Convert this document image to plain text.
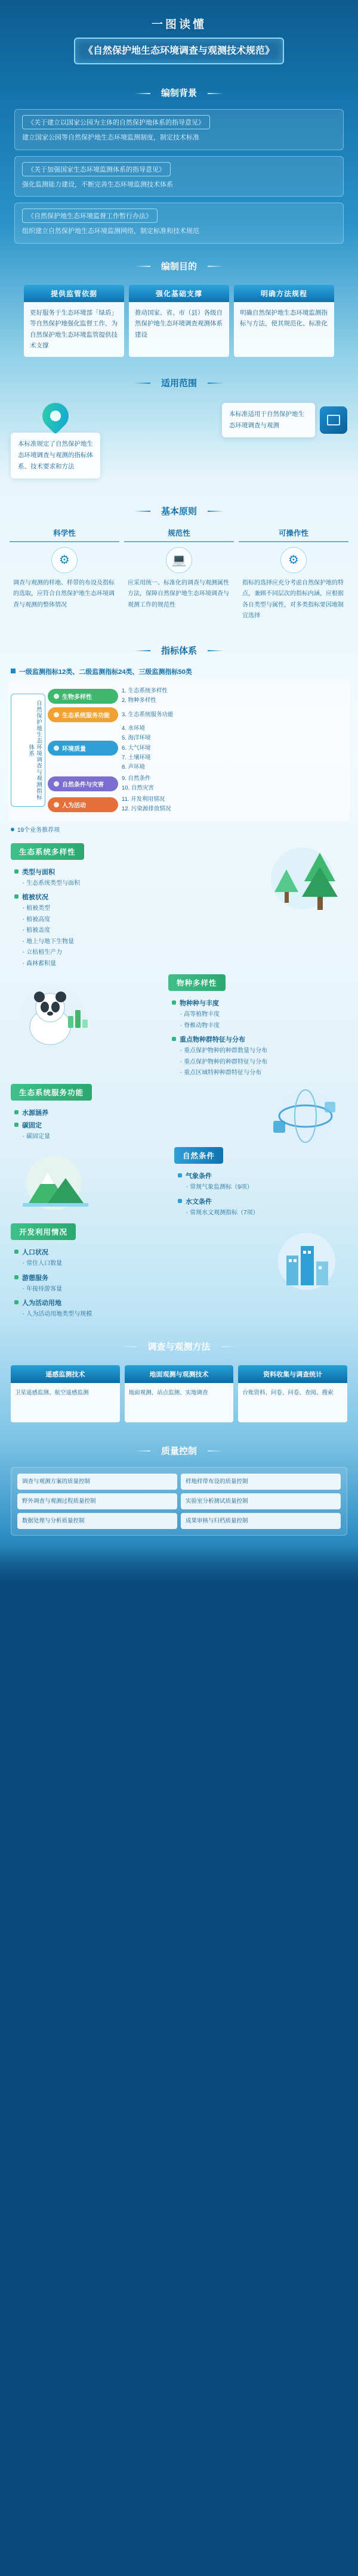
一图读懂
《自然保护地生态环境调查与观测技术规范》
编制背景
《关于建立以国家公园为主体的自然保护地体系的指导意见》
建立国家公园等自然保护地生态环境监测制度，制定技术标准
《关于加强国家生态环境监测体系的指导意见》
强化监测能力建设，不断完善生态环境监测技术体系
《自然保护地生态环境监督工作暂行办法》
组织建立自然保护地生态环境监测网络，制定标准和技术规范
编制目的
提供监管依据
更好服务于生态环境部「绿盾」等自然保护地强化监督工作，为自然保护地生态环境监管提供技术支撑
强化基础支撑
推动国家、省、市（县）各级自然保护地生态环境调查观测体系建设
明确方法规程
明确自然保护地生态环境监测指标与方法，使其规范化、标准化
适用范围
本标准规定了自然保护地生态环境调查与观测的指标体系、技术要求和方法
本标准适用于自然保护地生态环境调查与观测
基本原则
科学性
⚙
调查与观测的样地、样带的布设及指标的选取，应符合自然保护地生态环境调查与观测的整体情况
规范性
💻
应采用统一、标准化的调查与观测属性方法，保障自然保护地生态环境调查与观测工作的规范性
可操作性
⚙
指标的选择应充分考虑自然保护地的特点，兼顾不同层次的指标内涵，应根据各自类型与属性，对多类指标要因地制宜选择
指标体系
一级监测指标12类、二级监测指标24类、三级监测指标50类
自然保护地生态环境调查与观测指标体系
生物多样性
1. 生态系统多样性
2. 物种多样性
生态系统服务功能 3. 生态系统服务功能
环境质量
4. 水环境
5. 海洋环境
6. 大气环境
7. 土壤环境
8. 声环境
自然条件与灾害
9. 自然条件
10. 自然灾害
人为活动
11. 开发利用情况
12. 污染源排放情况
19个业务推荐项
生态系统多样性
类型与面积
· 生态系统类型与面积
植被状况
· 植被类型
· 植被高度
· 植被盖度
· 地上与地下生物量
· 立枯植生产力
· 森林蓄积量
物种多样性
物种种与丰度
· 高等植物丰度
· 脊椎动物丰度
重点物种群特征与分布
· 重点保护物种的种群数量与分布
· 重点保护物种的种群特征与分布
· 重点区域特种种群特征与分布
生态系统服务功能
水源涵养
碳固定
· 碳固定量
自然条件
气象条件
· 常规气象监测标（9项）
水文条件
· 常规水文观测指标（7项）
开发利用情况
人口状况
· 常住人口数量
游憩服务
· 年接待游客量
人为活动用地
· 人为活动用地类型与规模
调查与观测方法
遥感监测技术
卫星遥感监测、航空遥感监测
地面观测与观测技术
地面观测、站点监测、实地调查
资料收集与调查统计
台账资料、问卷、问卷、查阅、搜索
质量控制
调查与观测方案的质量控制	样地样带布设的质量控制
野外调查与观测过程质量控制	实验室分析测试质量控制
数据处理与分析质量控制	成果审核与归档质量控制
